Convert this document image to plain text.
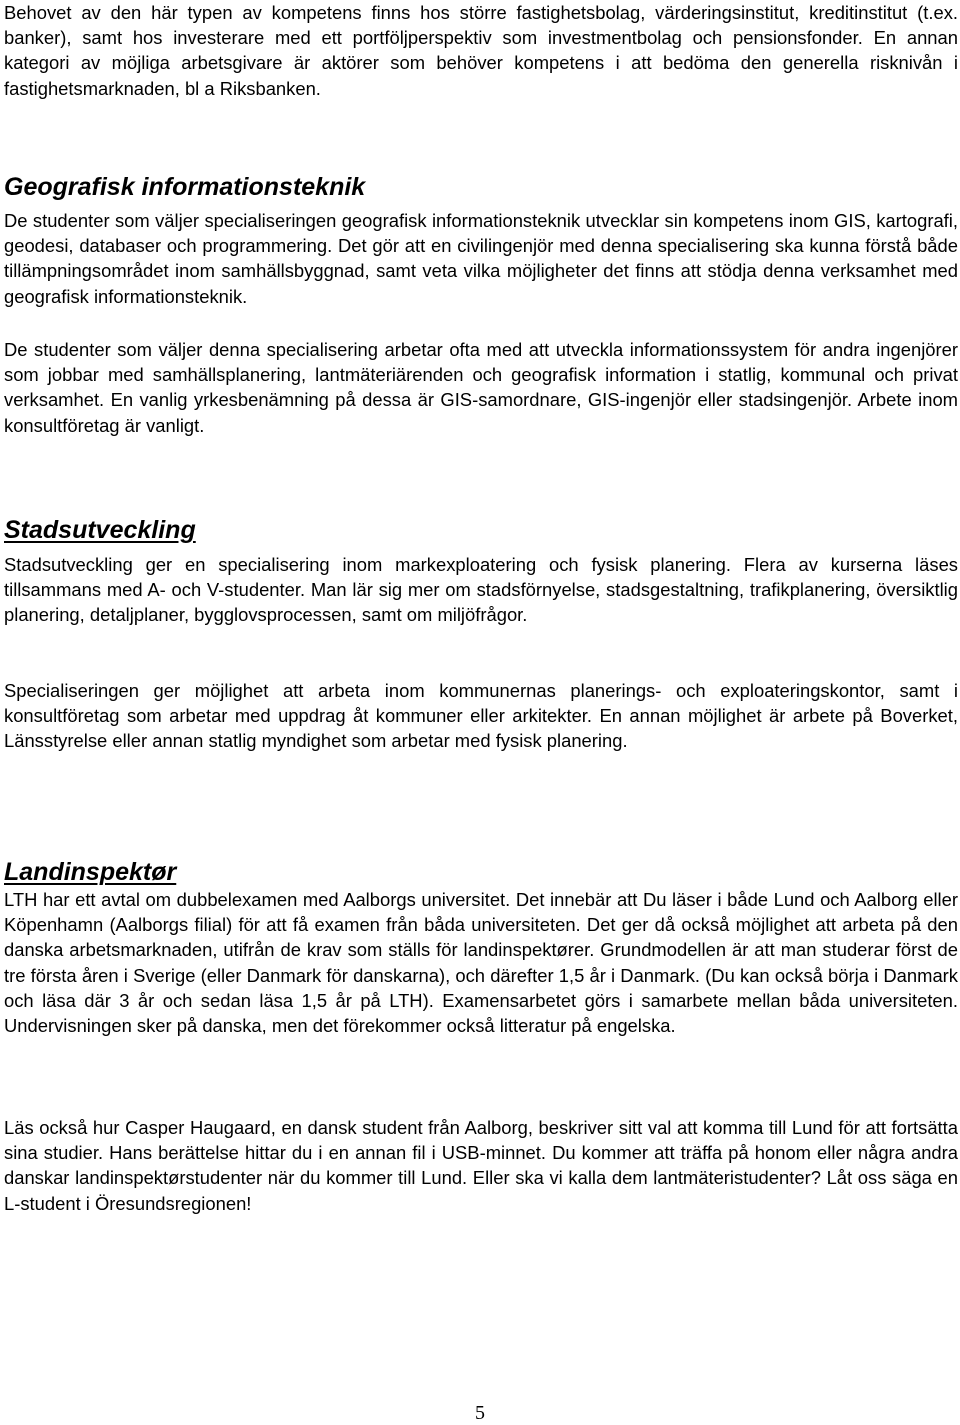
Behovet av den här typen av kompetens finns hos större fastighetsbolag, värderingsinstitut, kreditinstitut (t.ex. banker), samt hos investerare med ett portföljperspektiv som investmentbolag och pensionsfonder. En annan kategori av möjliga arbetsgivare är aktörer som behöver kompetens i att bedöma den generella risknivån i fastighetsmarknaden, bl a Riksbanken.

Geografisk informationsteknik

De studenter som väljer specialiseringen geografisk informationsteknik utvecklar sin kompetens inom GIS, kartografi, geodesi, databaser och programmering. Det gör att en civilingenjör med denna specialisering ska kunna förstå både tillämpningsområdet inom samhällsbyggnad, samt veta vilka möjligheter det finns att stödja denna verksamhet med geografisk informationsteknik.

De studenter som väljer denna specialisering arbetar ofta med att utveckla informationssystem för andra ingenjörer som jobbar med samhällsplanering, lantmäteriärenden och geografisk information i statlig, kommunal och privat verksamhet. En vanlig yrkesbenämning på dessa är GIS-samordnare, GIS-ingenjör eller stadsingenjör. Arbete inom konsultföretag är vanligt.

Stadsutveckling

Stadsutveckling ger en specialisering inom markexploatering och fysisk planering. Flera av kurserna läses tillsammans med A- och V-studenter. Man lär sig mer om stadsförnyelse, stadsgestaltning, trafikplanering, översiktlig planering, detaljplaner, bygglovsprocessen, samt om miljöfrågor.

Specialiseringen ger möjlighet att arbeta inom kommunernas planerings- och exploateringskontor, samt i konsultföretag som arbetar med uppdrag åt kommuner eller arkitekter. En annan möjlighet är arbete på Boverket, Länsstyrelse eller annan statlig myndighet som arbetar med fysisk planering.

Landinspektør

LTH har ett avtal om dubbelexamen med Aalborgs universitet. Det innebär att Du läser i både Lund och Aalborg eller Köpenhamn (Aalborgs filial) för att få examen från båda universiteten. Det ger då också möjlighet att arbeta på den danska arbetsmarknaden, utifrån de krav som ställs för landinspektører. Grundmodellen är att man studerar först de tre första åren i Sverige (eller Danmark för danskarna), och därefter 1,5 år i Danmark. (Du kan också börja i Danmark och läsa där 3 år och sedan läsa 1,5 år på LTH). Examensarbetet görs i samarbete mellan båda universiteten. Undervisningen sker på danska, men det förekommer också litteratur på engelska.

Läs också hur Casper Haugaard, en dansk student från Aalborg, beskriver sitt val att komma till Lund för att fortsätta sina studier. Hans berättelse hittar du i en annan fil i USB-minnet. Du kommer att träffa på honom eller några andra danskar landinspektørstudenter när du kommer till Lund. Eller ska vi kalla dem lantmäteristudenter? Låt oss säga en L-student i Öresundsregionen!

5
